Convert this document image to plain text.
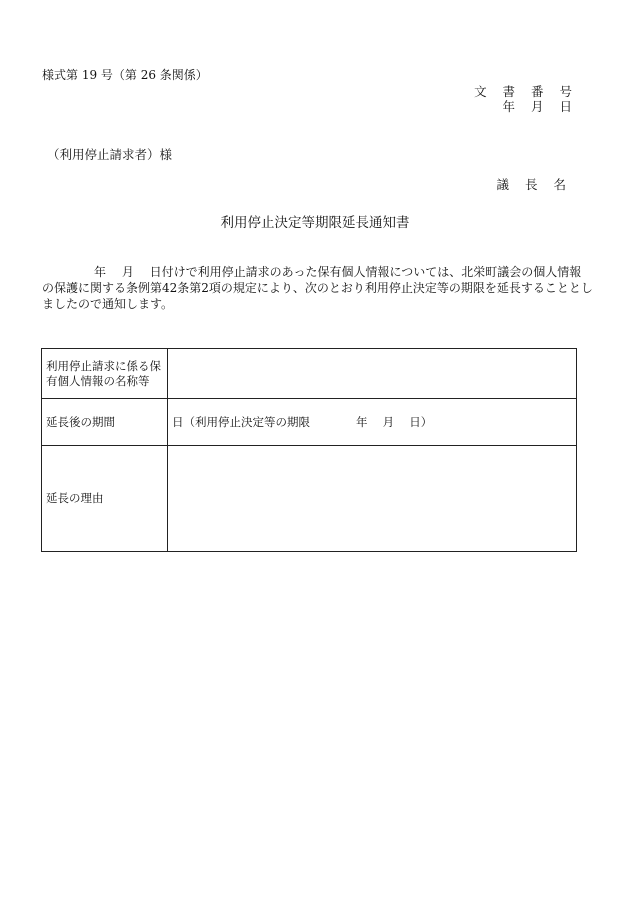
様式第 19 号（第 26 条関係）
文 書 番 号
年 月 日
（利用停止請求者）様
議 長 名
利用停止決定等期限延長通知書
年　 月　 日付けで利用停止請求のあった保有個人情報については、北栄町議会の個人情報
の保護に関する条例第42条第2項の規定により、次のとおり利用停止決定等の期限を延長することとし
ましたので通知します。
利用停止請求に係る保有個人情報の名称等	
延長後の期間	日（利用停止決定等の期限　　　　年　 月　 日）
延長の理由	
